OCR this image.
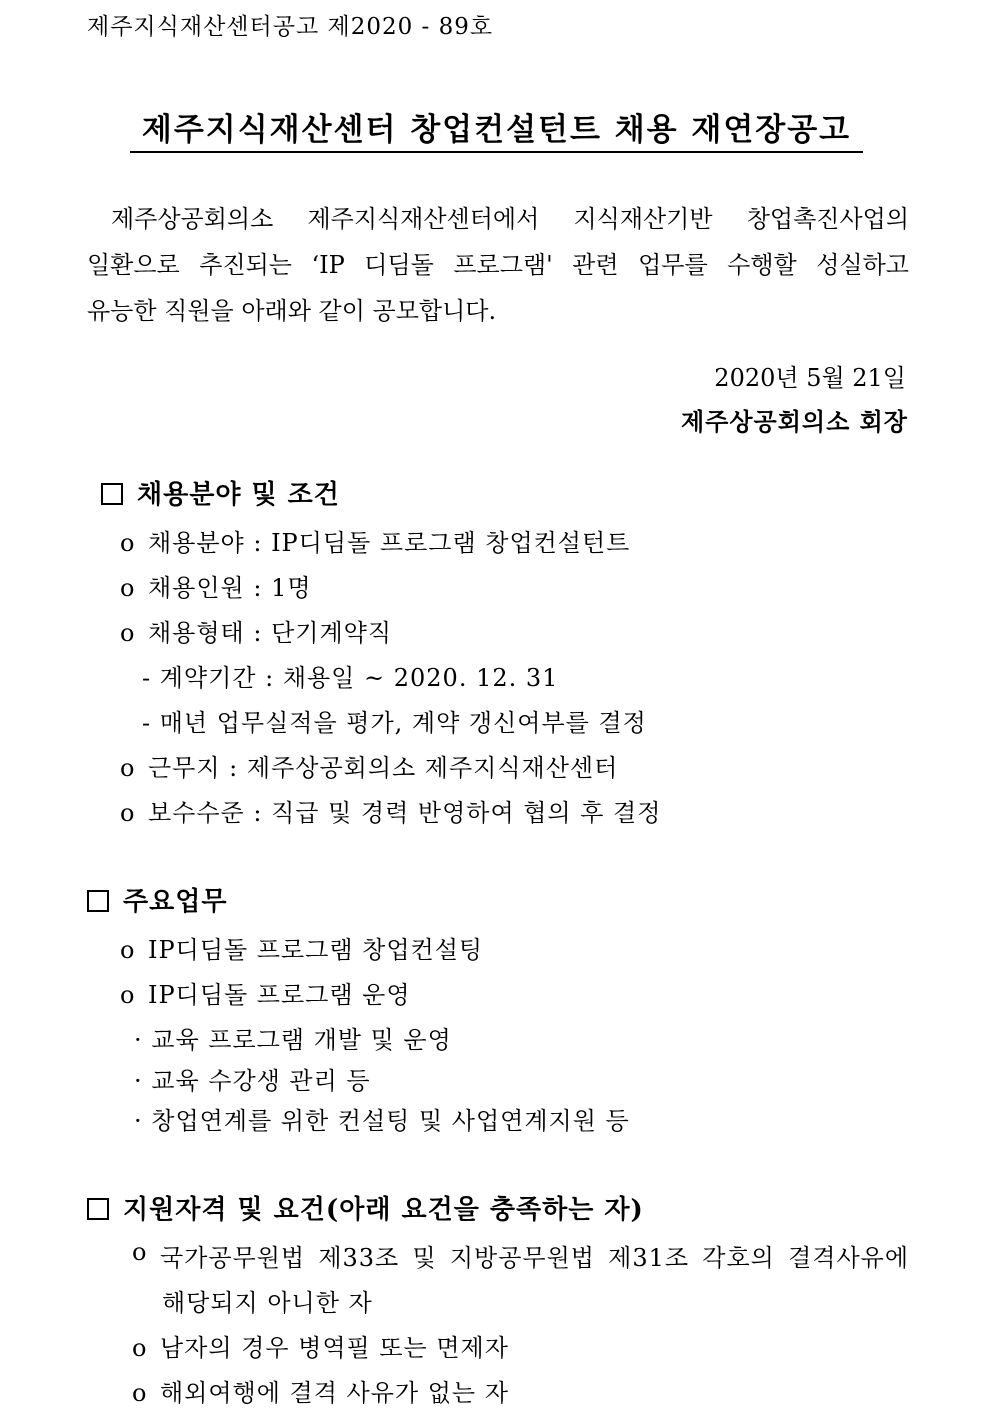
제주지식재산센터공고 제2020 - 89호
제주지식재산센터 창업컨설턴트 채용 재연장공고
제주상공회의소 제주지식재산센터에서 지식재산기반 창업촉진사업의
일환으로 추진되는 ‘IP 디딤돌 프로그램' 관련 업무를 수행할 성실하고
유능한 직원을 아래와 같이 공모합니다.
2020년 5월 21일
제주상공회의소 회장
채용분야 및 조건
o 채용분야 : IP디딤돌 프로그램 창업컨설턴트
o 채용인원 : 1명
o 채용형태 : 단기계약직
- 계약기간 : 채용일 ~ 2020. 12. 31
- 매년 업무실적을 평가, 계약 갱신여부를 결정
o 근무지 : 제주상공회의소 제주지식재산센터
o 보수수준 : 직급 및 경력 반영하여 협의 후 결정
주요업무
o IP디딤돌 프로그램 창업컨설팅
o IP디딤돌 프로그램 운영
· 교육 프로그램 개발 및 운영
· 교육 수강생 관리 등
· 창업연계를 위한 컨설팅 및 사업연계지원 등
지원자격 및 요건(아래 요건을 충족하는 자)
o 국가공무원법 제33조 및 지방공무원법 제31조 각호의 결격사유에
해당되지 아니한 자
o 남자의 경우 병역필 또는 면제자
o 해외여행에 결격 사유가 없는 자
